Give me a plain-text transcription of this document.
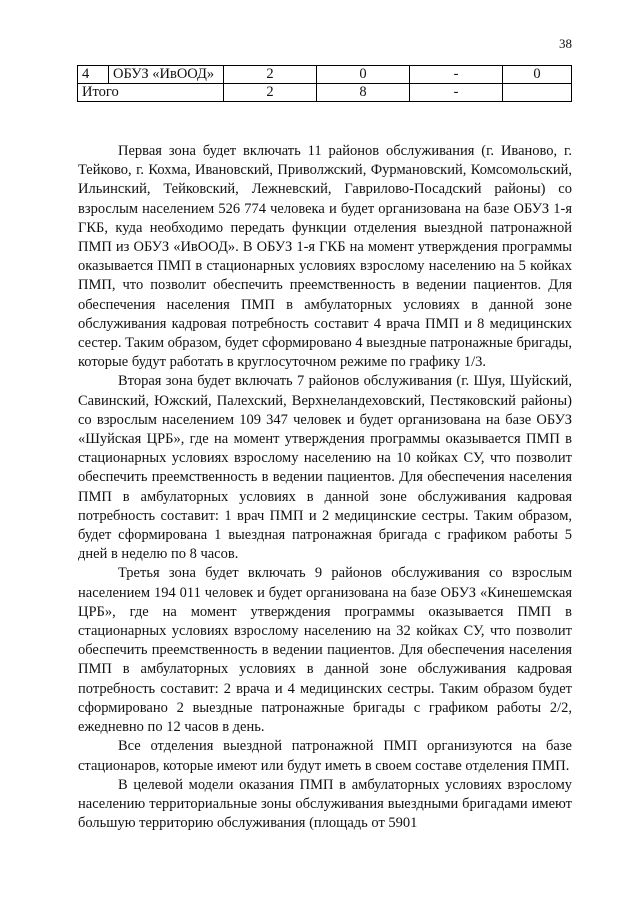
38
4	ОБУЗ «ИвООД»	2	0	-	0
Итого		2	8	-	

Первая зона будет включать 11 районов обслуживания (г. Иваново, г. Тейково, г. Кохма, Ивановский, Приволжский, Фурмановский, Комсомольский, Ильинский, Тейковский, Лежневский, Гаврилово-Посадский районы) со взрослым населением 526 774 человека и будет организована на базе ОБУЗ 1-я ГКБ, куда необходимо передать функции отделения выездной патронажной ПМП из ОБУЗ «ИвООД». В ОБУЗ 1-я ГКБ на момент утверждения программы оказывается ПМП в стационарных условиях взрослому населению на 5 койках ПМП, что позволит обеспечить преемственность в ведении пациентов. Для обеспечения населения ПМП в амбулаторных условиях в данной зоне обслуживания кадровая потребность составит 4 врача ПМП и 8 медицинских сестер. Таким образом, будет сформировано 4 выездные патронажные бригады, которые будут работать в круглосуточном режиме по графику 1/3.

Вторая зона будет включать 7 районов обслуживания (г. Шуя, Шуйский, Савинский, Южский, Палехский, Верхнеландеховский, Пестяковский районы) со взрослым населением 109 347 человек и будет организована на базе ОБУЗ «Шуйская ЦРБ», где на момент утверждения программы оказывается ПМП в стационарных условиях взрослому населению на 10 койках СУ, что позволит обеспечить преемственность в ведении пациентов. Для обеспечения населения ПМП в амбулаторных условиях в данной зоне обслуживания кадровая потребность составит: 1 врач ПМП и 2 медицинские сестры. Таким образом, будет сформирована 1 выездная патронажная бригада с графиком работы 5 дней в неделю по 8 часов.

Третья зона будет включать 9 районов обслуживания со взрослым населением 194 011 человек и будет организована на базе ОБУЗ «Кинешемская ЦРБ», где на момент утверждения программы оказывается ПМП в стационарных условиях взрослому населению на 32 койках СУ, что позволит обеспечить преемственность в ведении пациентов. Для обеспечения населения ПМП в амбулаторных условиях в данной зоне обслуживания кадровая потребность составит: 2 врача и 4 медицинских сестры. Таким образом будет сформировано 2 выездные патронажные бригады с графиком работы 2/2, ежедневно по 12 часов в день.

Все отделения выездной патронажной ПМП организуются на базе стационаров, которые имеют или будут иметь в своем составе отделения ПМП.

В целевой модели оказания ПМП в амбулаторных условиях взрослому населению территориальные зоны обслуживания выездными бригадами имеют большую территорию обслуживания (площадь от 5901
